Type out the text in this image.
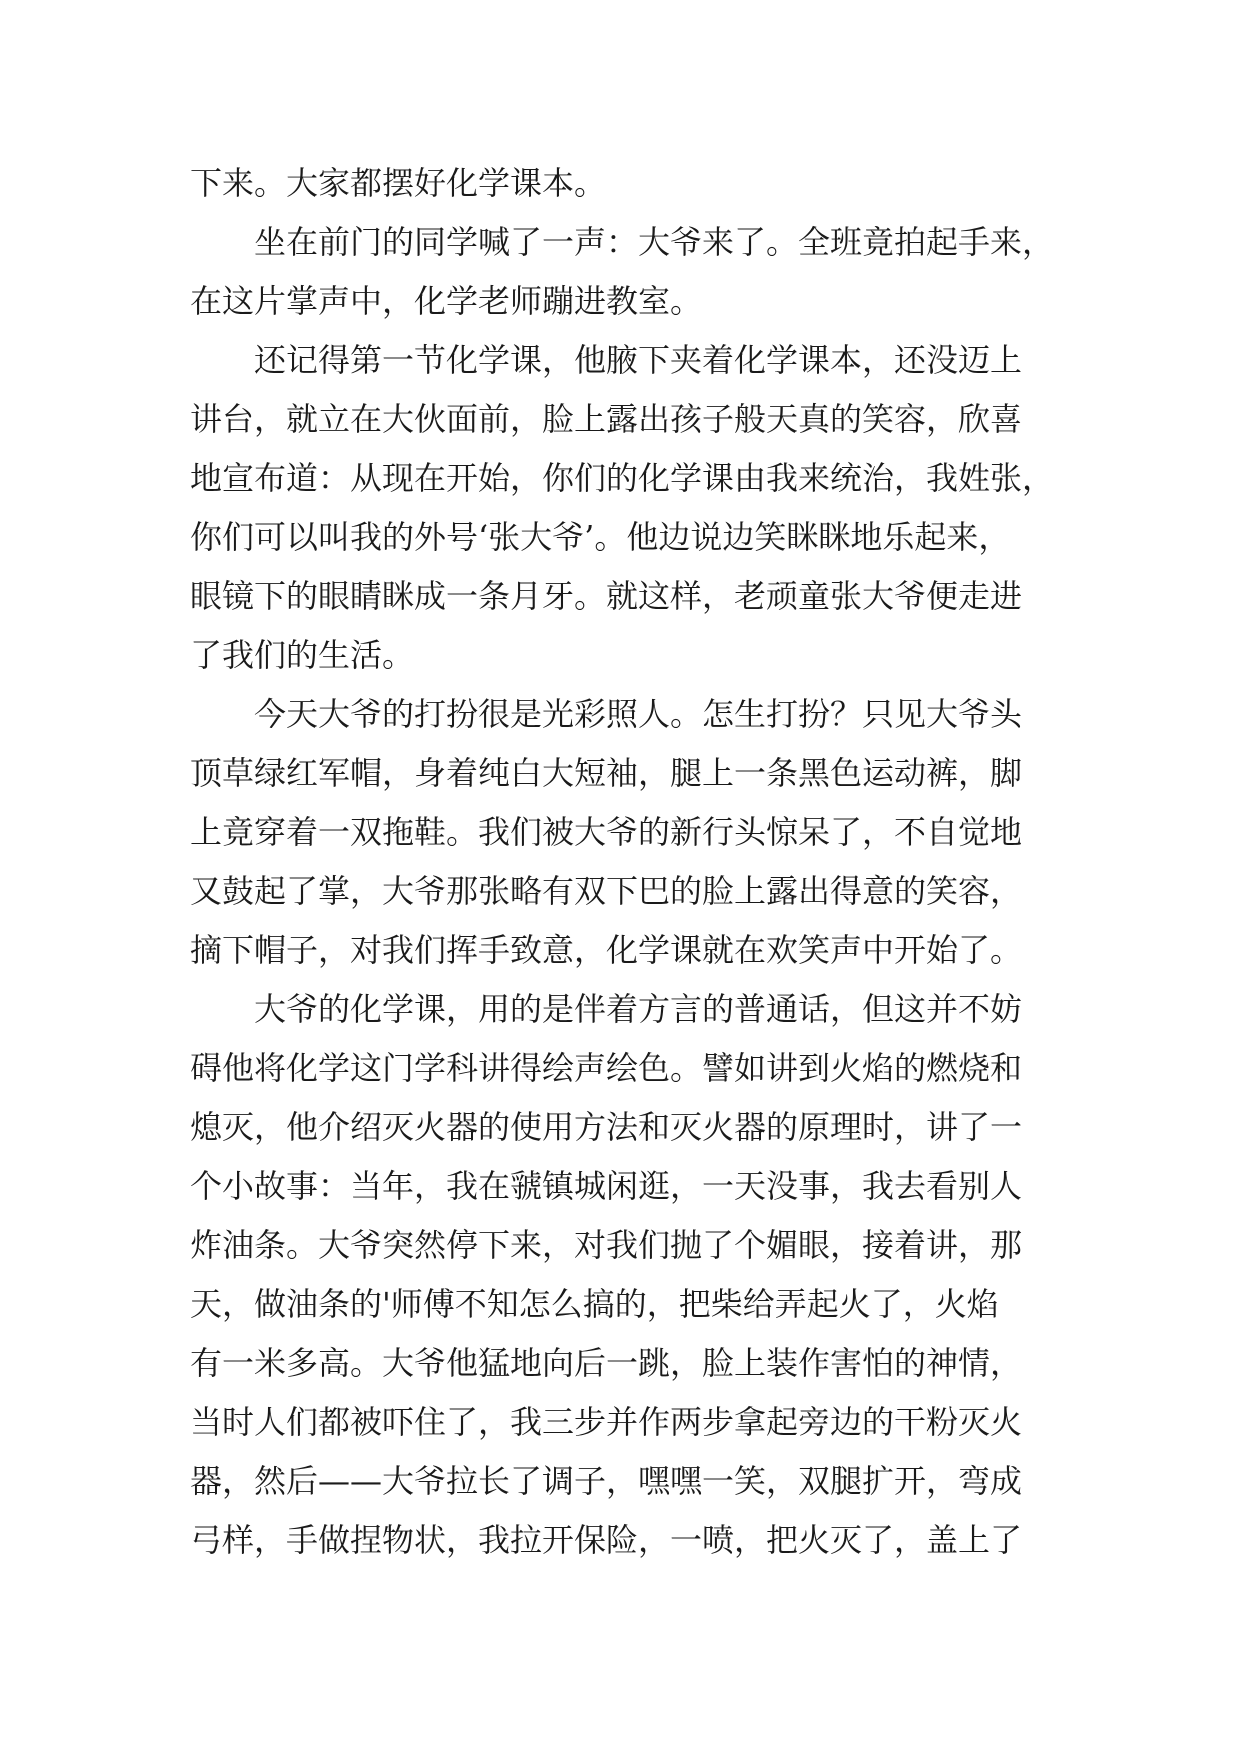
下来。大家都摆好化学课本。
坐在前门的同学喊了一声：大爷来了。全班竟拍起手来，
在这片掌声中，化学老师蹦进教室。
还记得第一节化学课，他腋下夹着化学课本，还没迈上
讲台，就立在大伙面前，脸上露出孩子般天真的笑容，欣喜
地宣布道：从现在开始，你们的化学课由我来统治，我姓张，
你们可以叫我的外号‘张大爷’。他边说边笑眯眯地乐起来，
眼镜下的眼睛眯成一条月牙。就这样，老顽童张大爷便走进
了我们的生活。
今天大爷的打扮很是光彩照人。怎生打扮？只见大爷头
顶草绿红军帽，身着纯白大短袖，腿上一条黑色运动裤，脚
上竟穿着一双拖鞋。我们被大爷的新行头惊呆了，不自觉地
又鼓起了掌，大爷那张略有双下巴的脸上露出得意的笑容，
摘下帽子，对我们挥手致意，化学课就在欢笑声中开始了。
大爷的化学课，用的是伴着方言的普通话，但这并不妨
碍他将化学这门学科讲得绘声绘色。譬如讲到火焰的燃烧和
熄灭，他介绍灭火器的使用方法和灭火器的原理时，讲了一
个小故事：当年，我在虢镇城闲逛，一天没事，我去看别人
炸油条。大爷突然停下来，对我们抛了个媚眼，接着讲，那
天，做油条的'师傅不知怎么搞的，把柴给弄起火了，火焰
有一米多高。大爷他猛地向后一跳，脸上装作害怕的神情，
当时人们都被吓住了，我三步并作两步拿起旁边的干粉灭火
器，然后——大爷拉长了调子，嘿嘿一笑，双腿扩开，弯成
弓样，手做捏物状，我拉开保险，一喷，把火灭了，盖上了
